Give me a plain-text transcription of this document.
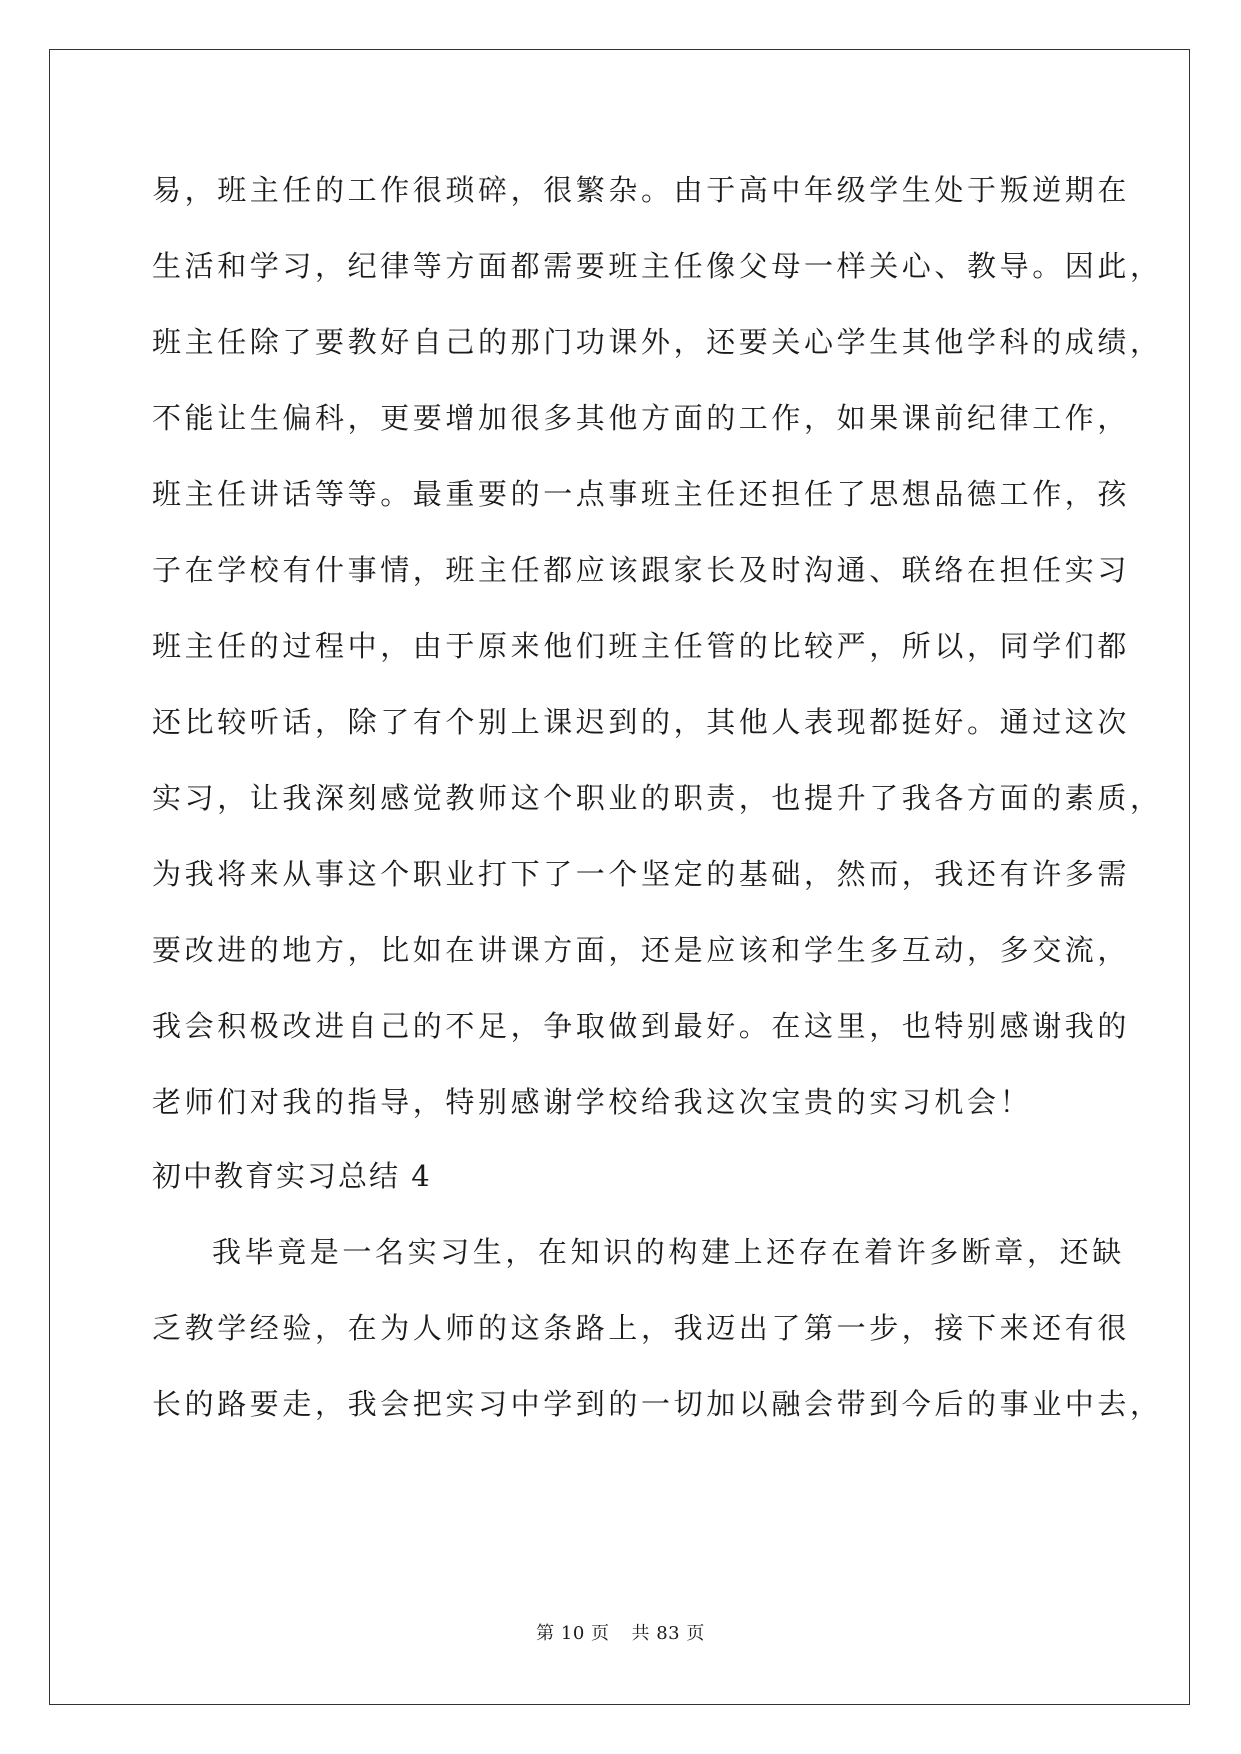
易，班主任的工作很琐碎，很繁杂。由于高中年级学生处于叛逆期在
生活和学习，纪律等方面都需要班主任像父母一样关心、教导。因此，
班主任除了要教好自己的那门功课外，还要关心学生其他学科的成绩，
不能让生偏科，更要增加很多其他方面的工作，如果课前纪律工作，
班主任讲话等等。最重要的一点事班主任还担任了思想品德工作，孩
子在学校有什事情，班主任都应该跟家长及时沟通、联络在担任实习
班主任的过程中，由于原来他们班主任管的比较严，所以，同学们都
还比较听话，除了有个别上课迟到的，其他人表现都挺好。通过这次
实习，让我深刻感觉教师这个职业的职责，也提升了我各方面的素质，
为我将来从事这个职业打下了一个坚定的基础，然而，我还有许多需
要改进的地方，比如在讲课方面，还是应该和学生多互动，多交流，
我会积极改进自己的不足，争取做到最好。在这里，也特别感谢我的
老师们对我的指导，特别感谢学校给我这次宝贵的实习机会！
初中教育实习总结 4
我毕竟是一名实习生，在知识的构建上还存在着许多断章，还缺
乏教学经验，在为人师的这条路上，我迈出了第一步，接下来还有很
长的路要走，我会把实习中学到的一切加以融会带到今后的事业中去，
第 10 页 共 83 页
